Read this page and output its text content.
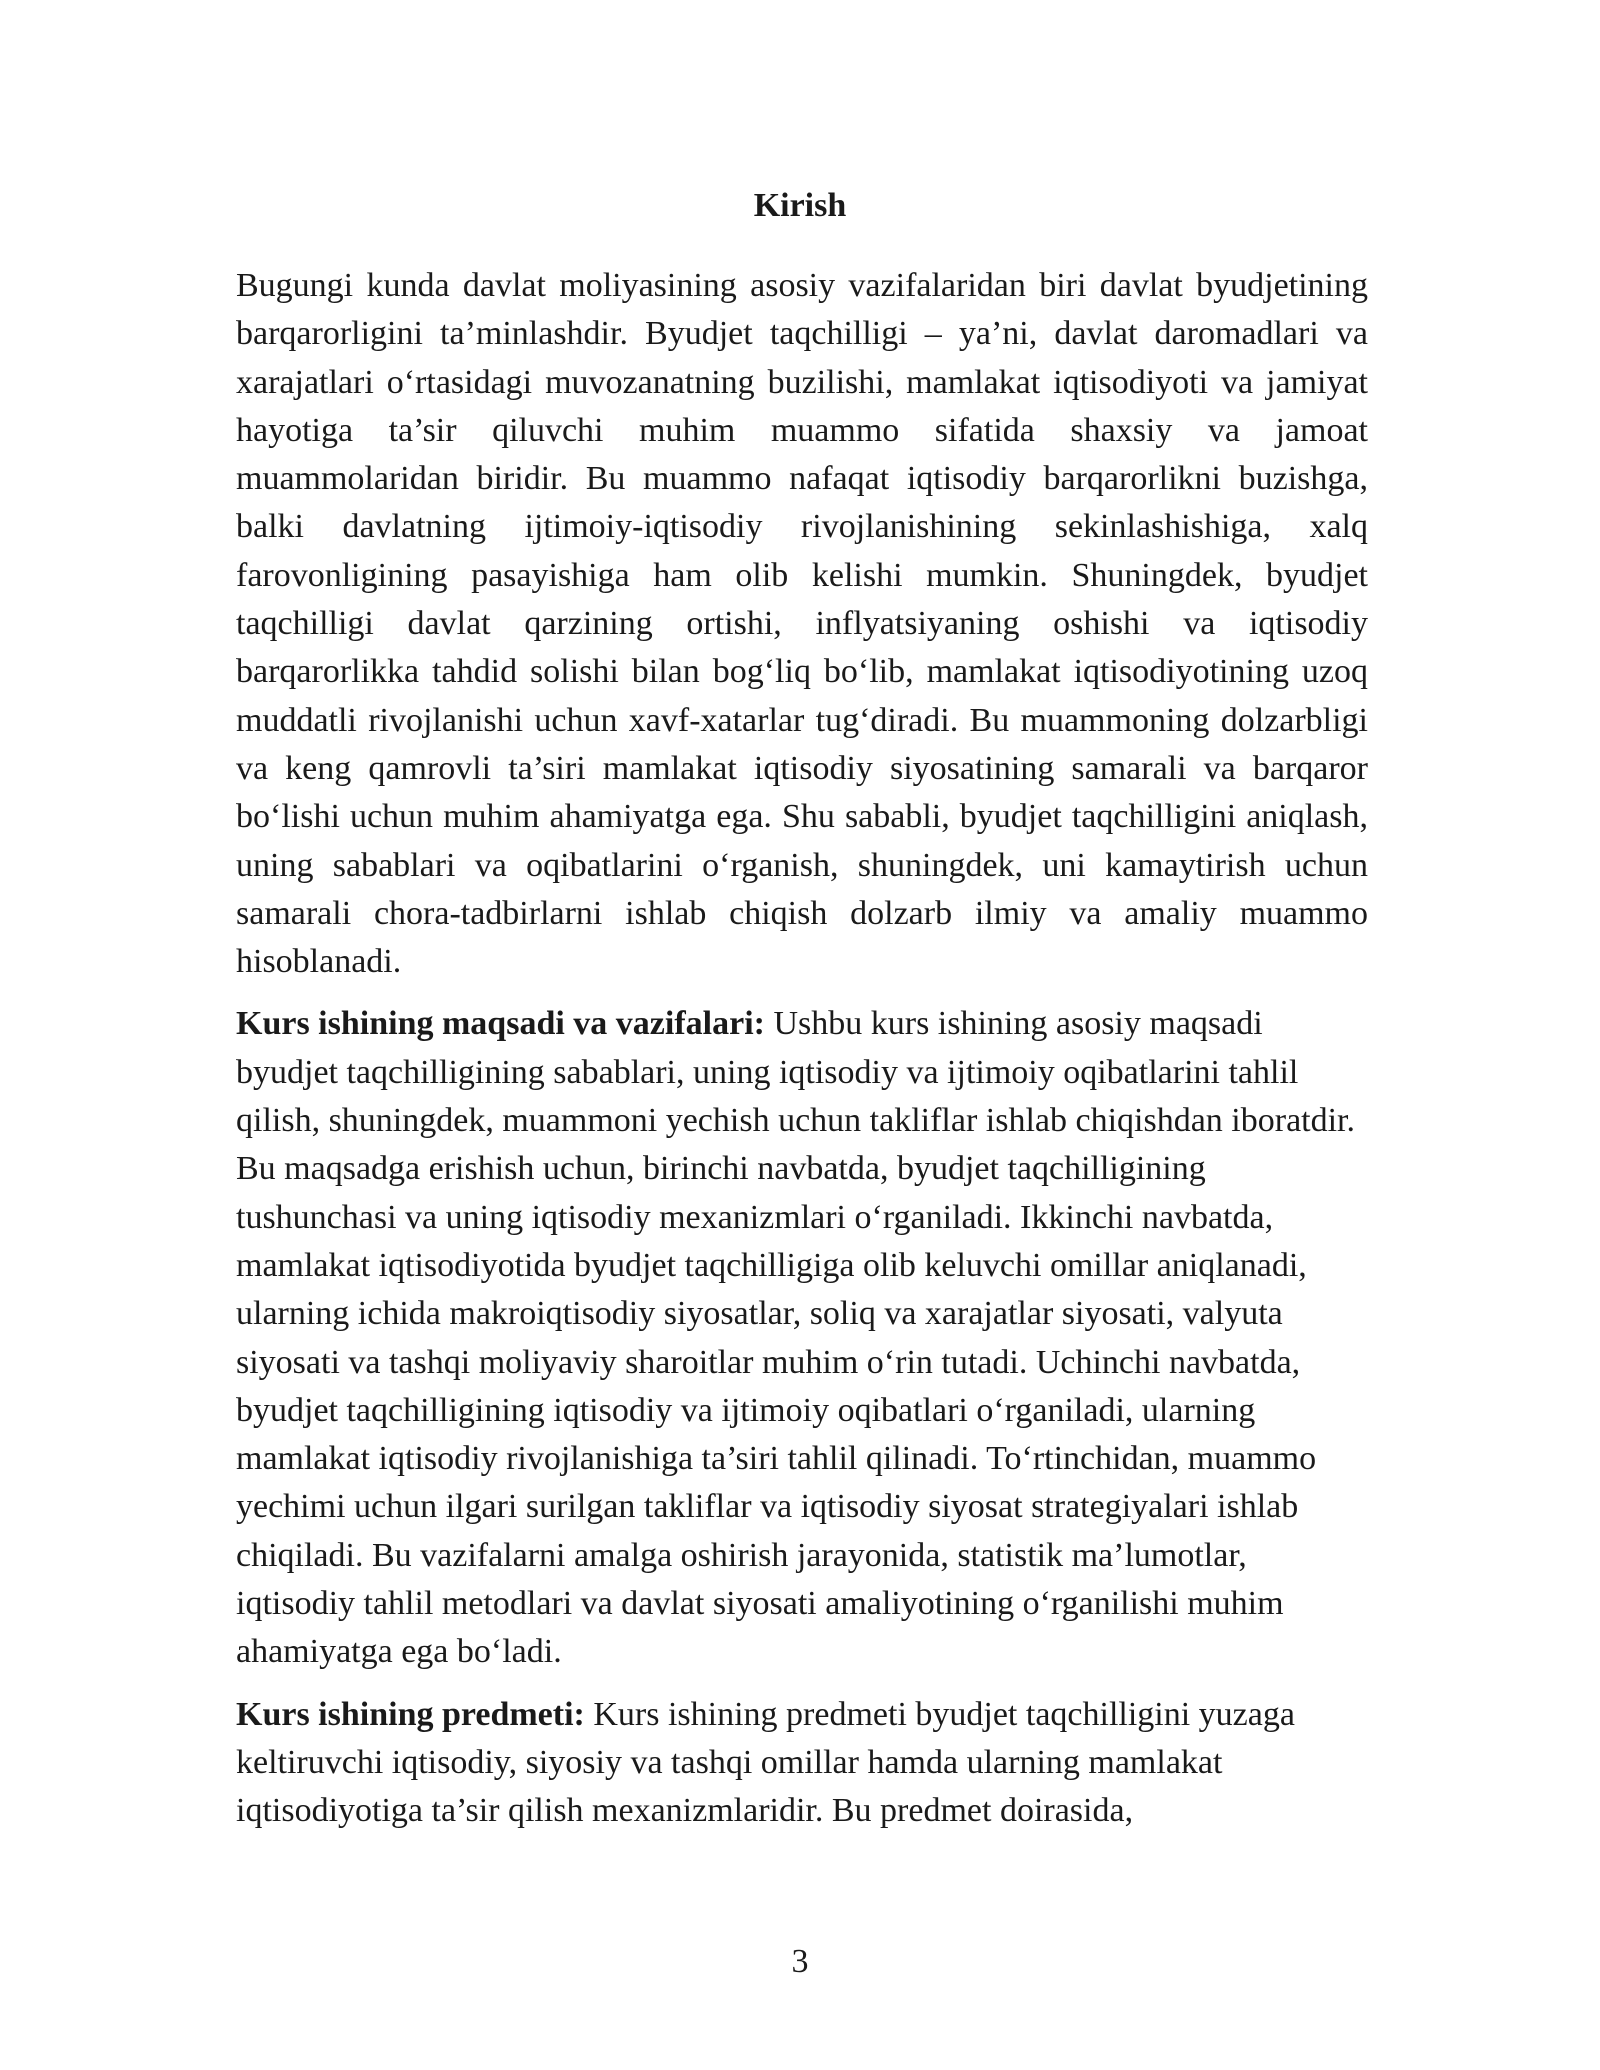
Kirish

Bugungi kunda davlat moliyasining asosiy vazifalaridan biri davlat byudjetining barqarorligini ta’minlashdir. Byudjet taqchilligi – ya’ni, davlat daromadlari va xarajatlari o‘rtasidagi muvozanatning buzilishi, mamlakat iqtisodiyoti va jamiyat hayotiga ta’sir qiluvchi muhim muammo sifatida shaxsiy va jamoat muammolaridan biridir. Bu muammo nafaqat iqtisodiy barqarorlikni buzishga, balki davlatning ijtimoiy-iqtisodiy rivojlanishining sekinlashishiga, xalq farovonligining pasayishiga ham olib kelishi mumkin. Shuningdek, byudjet taqchilligi davlat qarzining ortishi, inflyatsiyaning oshishi va iqtisodiy barqarorlikka tahdid solishi bilan bog‘liq bo‘lib, mamlakat iqtisodiyotining uzoq muddatli rivojlanishi uchun xavf-xatarlar tug‘diradi. Bu muammoning dolzarbligi va keng qamrovli ta’siri mamlakat iqtisodiy siyosatining samarali va barqaror bo‘lishi uchun muhim ahamiyatga ega. Shu sababli, byudjet taqchilligini aniqlash, uning sabablari va oqibatlarini o‘rganish, shuningdek, uni kamaytirish uchun samarali chora-tadbirlarni ishlab chiqish dolzarb ilmiy va amaliy muammo hisoblanadi.

Kurs ishining maqsadi va vazifalari: Ushbu kurs ishining asosiy maqsadi byudjet taqchilligining sabablari, uning iqtisodiy va ijtimoiy oqibatlarini tahlil qilish, shuningdek, muammoni yechish uchun takliflar ishlab chiqishdan iboratdir. Bu maqsadga erishish uchun, birinchi navbatda, byudjet taqchilligining tushunchasi va uning iqtisodiy mexanizmlari o‘rganiladi. Ikkinchi navbatda, mamlakat iqtisodiyotida byudjet taqchilligiga olib keluvchi omillar aniqlanadi, ularning ichida makroiqtisodiy siyosatlar, soliq va xarajatlar siyosati, valyuta siyosati va tashqi moliyaviy sharoitlar muhim o‘rin tutadi. Uchinchi navbatda, byudjet taqchilligining iqtisodiy va ijtimoiy oqibatlari o‘rganiladi, ularning mamlakat iqtisodiy rivojlanishiga ta’siri tahlil qilinadi. To‘rtinchidan, muammo yechimi uchun ilgari surilgan takliflar va iqtisodiy siyosat strategiyalari ishlab chiqiladi. Bu vazifalarni amalga oshirish jarayonida, statistik ma’lumotlar, iqtisodiy tahlil metodlari va davlat siyosati amaliyotining o‘rganilishi muhim ahamiyatga ega bo‘ladi.

Kurs ishining predmeti: Kurs ishining predmeti byudjet taqchilligini yuzaga keltiruvchi iqtisodiy, siyosiy va tashqi omillar hamda ularning mamlakat iqtisodiyotiga ta’sir qilish mexanizmlaridir. Bu predmet doirasida,

3
